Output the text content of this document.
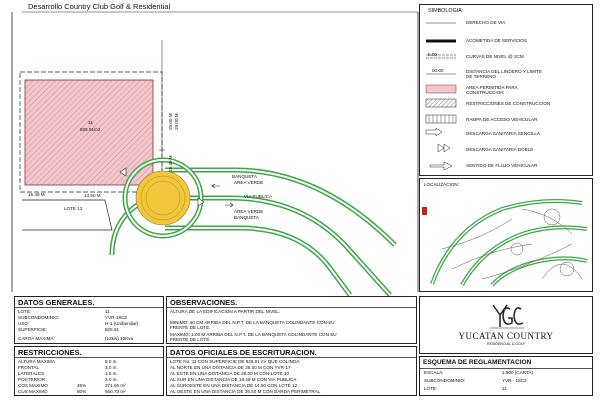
Desarrollo Country Club Golf & Residential
11
825.91m2
LOTE 12
BANQUETA
AREA VERDE
VIA PUBLICA
AREA VERDE
BANQUETA
16.49 M	14.50 M
25.00 M 28.00 M
18.49 M
SIMBOLOGIA:
5.00
00.00
DERECHO DE VIA
ACOMETIDA DE SERVICIOS
CURVAS DE NIVEL @ 2CM
DISTANCIA DEL LINDERO Y LIMITE DE TERRENO
AREA PERMITIDA PARA CONSTRUCCION
RESTRICCIONES DE CONSTRUCCION
RAMPA DE ACCESO VEHICULAR
DESCARGA SANITARIA SENCILLA
DESCARGA SANITARIA DOBLE
SENTIDO DE FLUJO VEHICULAR
LOCALIZACION:
YUCATAN COUNTRY
RESIDENCIAL & GOLF
ESQUEMA DE REGLAMENTACION
ESCALA:	1:500 (CARTA)
SUBCONDOMINIO:	YVR - 18C2
LOTE:	11
DATOS GENERALES.
LOTE:	11
SUBCONDOMINIO:	YVR-18C2
USO:	H-1 (Unifamiliar)
SUPERFICIE:	825.91
CARGA MAXIMA:	(12kw) 15Kva
OBSERVACIONES.
ALTURA DE LA EDIFICACION A PARTIR DEL NIVEL:
MINIMO: 40 CM ARRIBA DEL N.P.T. DE LA BANQUETA COLINDANTE CON SU
FRENTE DE LOTE.
MAXIMO: 1.00 M ARRIBA DEL N.P.T. DE LA BANQUETA COLINDANTE CON SU
FRENTE DE LOTE.
RESTRICCIONES.
ALTURA MAXIMA	8.0 m.
FRONTAL	3.0 m.
LATERALES	1.5 m.
POSTERIOR	3.0 m.
COS MAXIMO	45%	371.66 m²
CUS MAXIMO	80%	660.73 m²
DATOS OFICIALES DE ESCRITURACION.
LOTE No. 11 CON SUPERFICIE DE 825.91 m² QUE COLINDA:
AL NORTE EN UNA DISTANCIA DE 25.00 M CON YVR-17
AL ESTE EN UNA DISTANCIA DE 28.00 M CON LOTE 10
AL SUR EN UNA DISTANCIA DE 18.49 M CON VIA PUBLICA
AL SUROESTE EN UNA DISTANCIA DE 14.50 CON LOTE 12
AL OESTE EN UNA DISTANCIA DE 36.50 M CON BARDA PERIMETRAL
